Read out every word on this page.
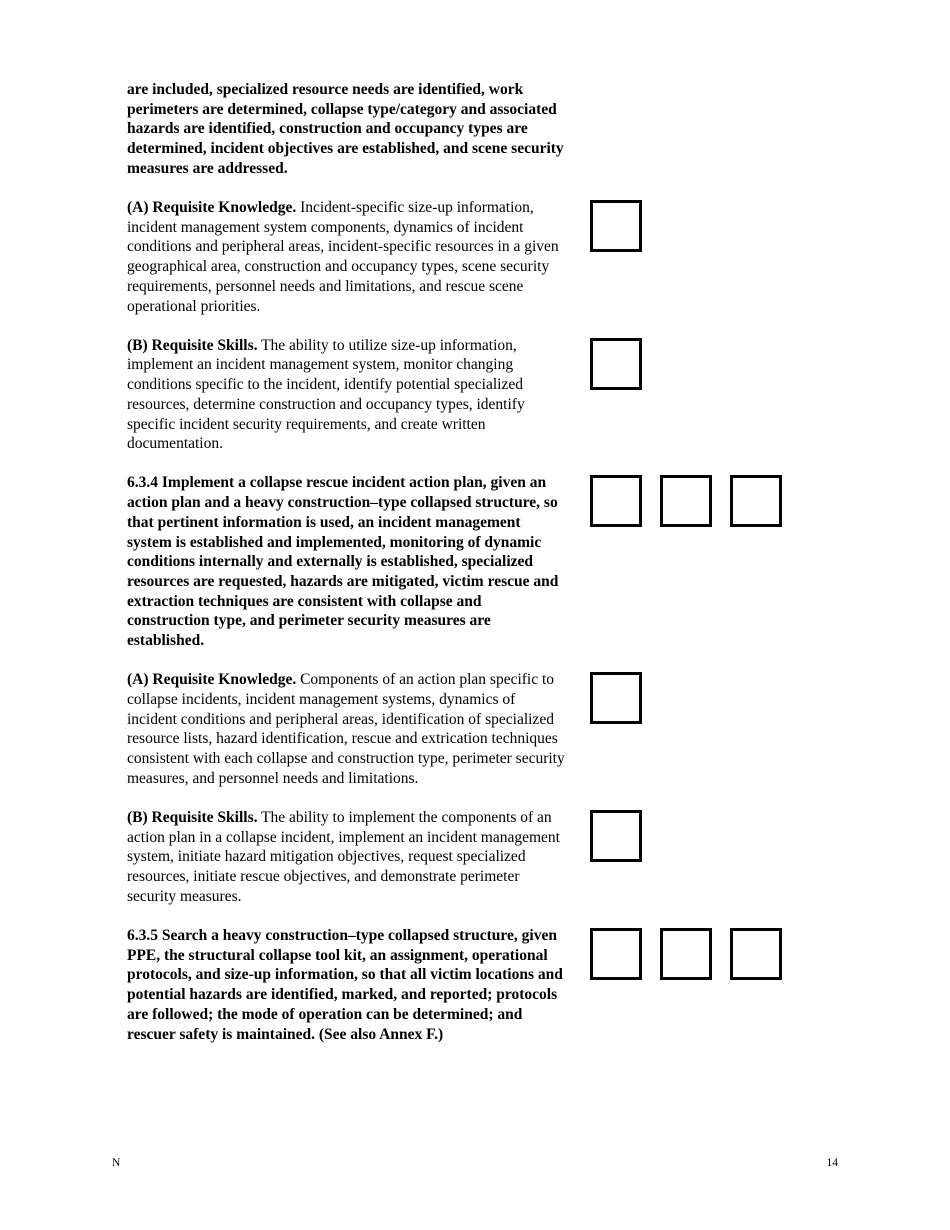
are included, specialized resource needs are identified, work perimeters are determined, collapse type/category and associated hazards are identified, construction and occupancy types are determined, incident objectives are established, and scene security measures are addressed.

(A) Requisite Knowledge. Incident-specific size-up information, incident management system components, dynamics of incident conditions and peripheral areas, incident-specific resources in a given geographical area, construction and occupancy types, scene security requirements, personnel needs and limitations, and rescue scene operational priorities.

(B) Requisite Skills. The ability to utilize size-up information, implement an incident management system, monitor changing conditions specific to the incident, identify potential specialized resources, determine construction and occupancy types, identify specific incident security requirements, and create written documentation.

6.3.4 Implement a collapse rescue incident action plan, given an action plan and a heavy construction–type collapsed structure, so that pertinent information is used, an incident management system is established and implemented, monitoring of dynamic conditions internally and externally is established, specialized resources are requested, hazards are mitigated, victim rescue and extraction techniques are consistent with collapse and construction type, and perimeter security measures are established.

(A) Requisite Knowledge. Components of an action plan specific to collapse incidents, incident management systems, dynamics of incident conditions and peripheral areas, identification of specialized resource lists, hazard identification, rescue and extrication techniques consistent with each collapse and construction type, perimeter security measures, and personnel needs and limitations.

(B) Requisite Skills. The ability to implement the components of an action plan in a collapse incident, implement an incident management system, initiate hazard mitigation objectives, request specialized resources, initiate rescue objectives, and demonstrate perimeter security measures.

6.3.5 Search a heavy construction–type collapsed structure, given PPE, the structural collapse tool kit, an assignment, operational protocols, and size-up information, so that all victim locations and potential hazards are identified, marked, and reported; protocols are followed; the mode of operation can be determined; and rescuer safety is maintained. (See also Annex F.)

N	14
